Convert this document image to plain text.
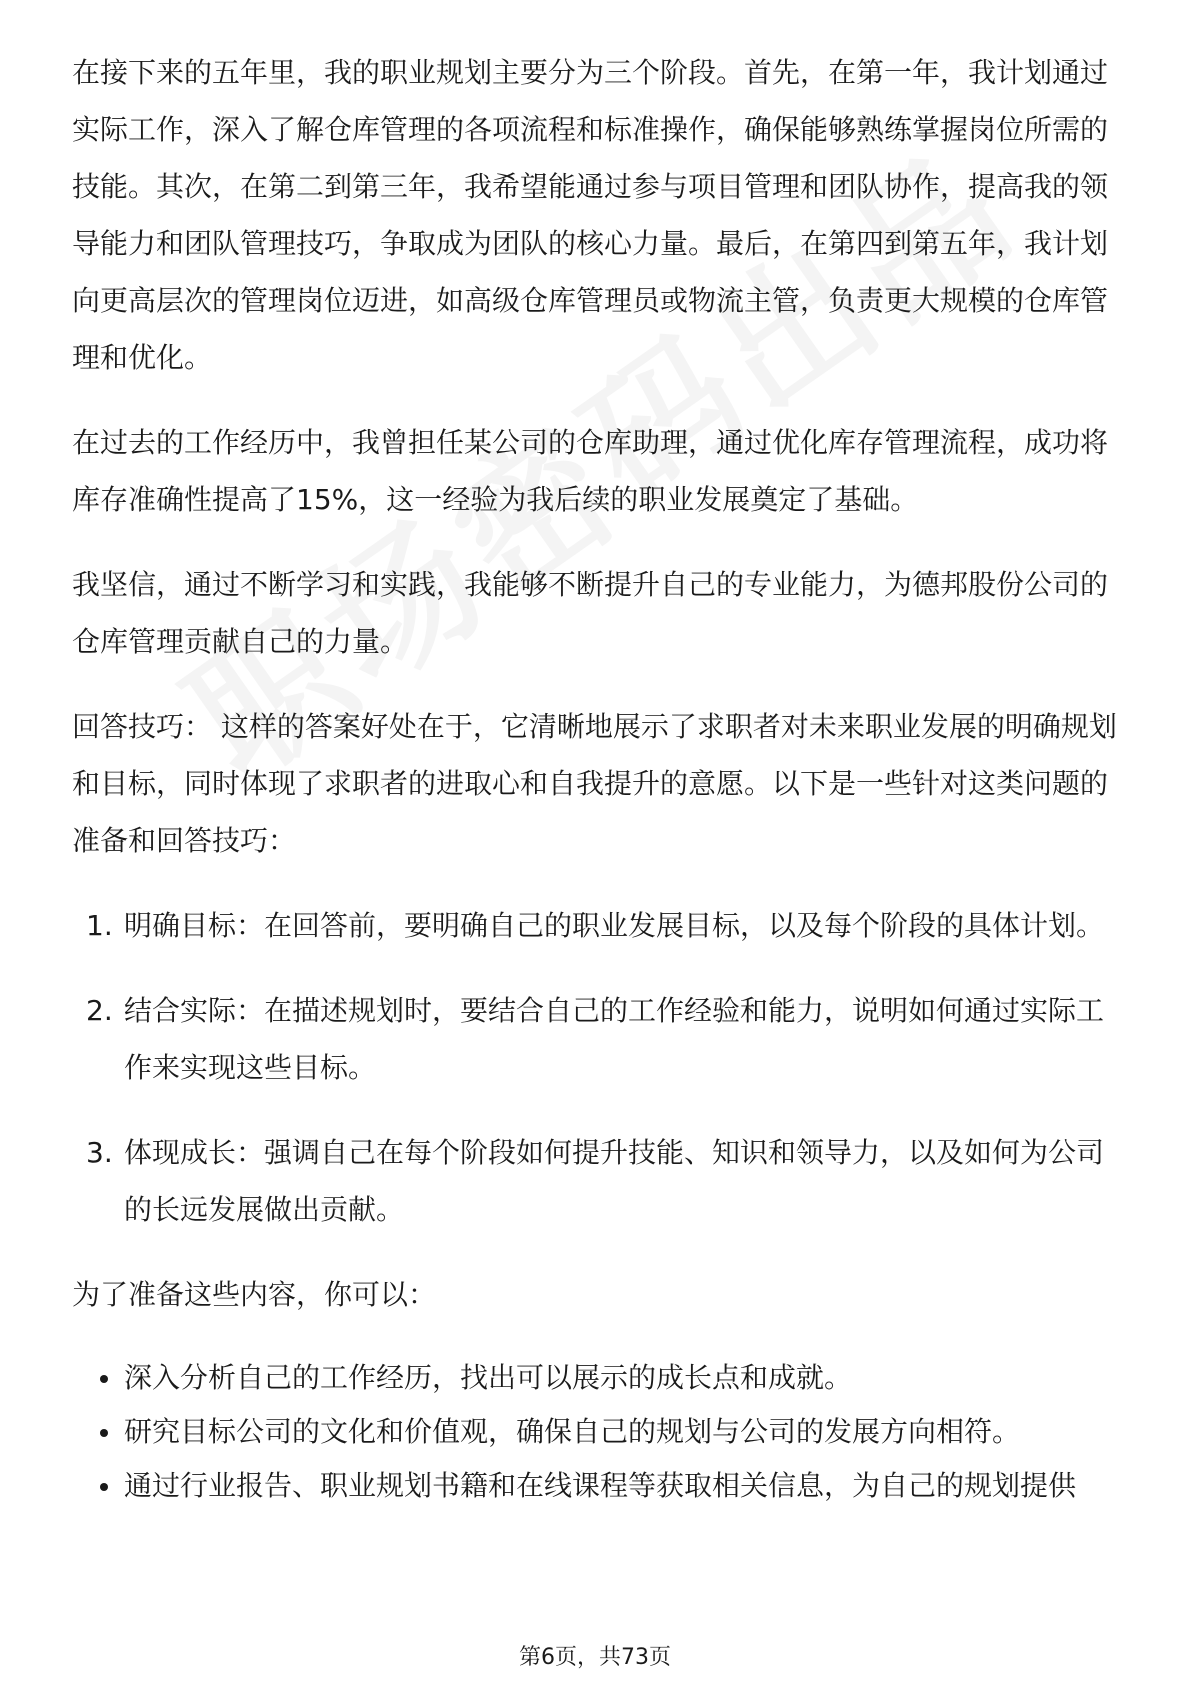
在接下来的五年里，我的职业规划主要分为三个阶段。首先，在第一年，我计划通过实际工作，深入了解仓库管理的各项流程和标准操作，确保能够熟练掌握岗位所需的技能。其次，在第二到第三年，我希望能通过参与项目管理和团队协作，提高我的领导能力和团队管理技巧，争取成为团队的核心力量。最后，在第四到第五年，我计划向更高层次的管理岗位迈进，如高级仓库管理员或物流主管，负责更大规模的仓库管理和优化。

在过去的工作经历中，我曾担任某公司的仓库助理，通过优化库存管理流程，成功将库存准确性提高了15%，这一经验为我后续的职业发展奠定了基础。

我坚信，通过不断学习和实践，我能够不断提升自己的专业能力，为德邦股份公司的仓库管理贡献自己的力量。

回答技巧： 这样的答案好处在于，它清晰地展示了求职者对未来职业发展的明确规划和目标，同时体现了求职者的进取心和自我提升的意愿。以下是一些针对这类问题的准备和回答技巧：

1. 明确目标：在回答前，要明确自己的职业发展目标，以及每个阶段的具体计划。
2. 结合实际：在描述规划时，要结合自己的工作经验和能力，说明如何通过实际工作来实现这些目标。
3. 体现成长：强调自己在每个阶段如何提升技能、知识和领导力，以及如何为公司的长远发展做出贡献。

为了准备这些内容，你可以：

深入分析自己的工作经历，找出可以展示的成长点和成就。
研究目标公司的文化和价值观，确保自己的规划与公司的发展方向相符。
通过行业报告、职业规划书籍和在线课程等获取相关信息，为自己的规划提供
第6页，共73页
